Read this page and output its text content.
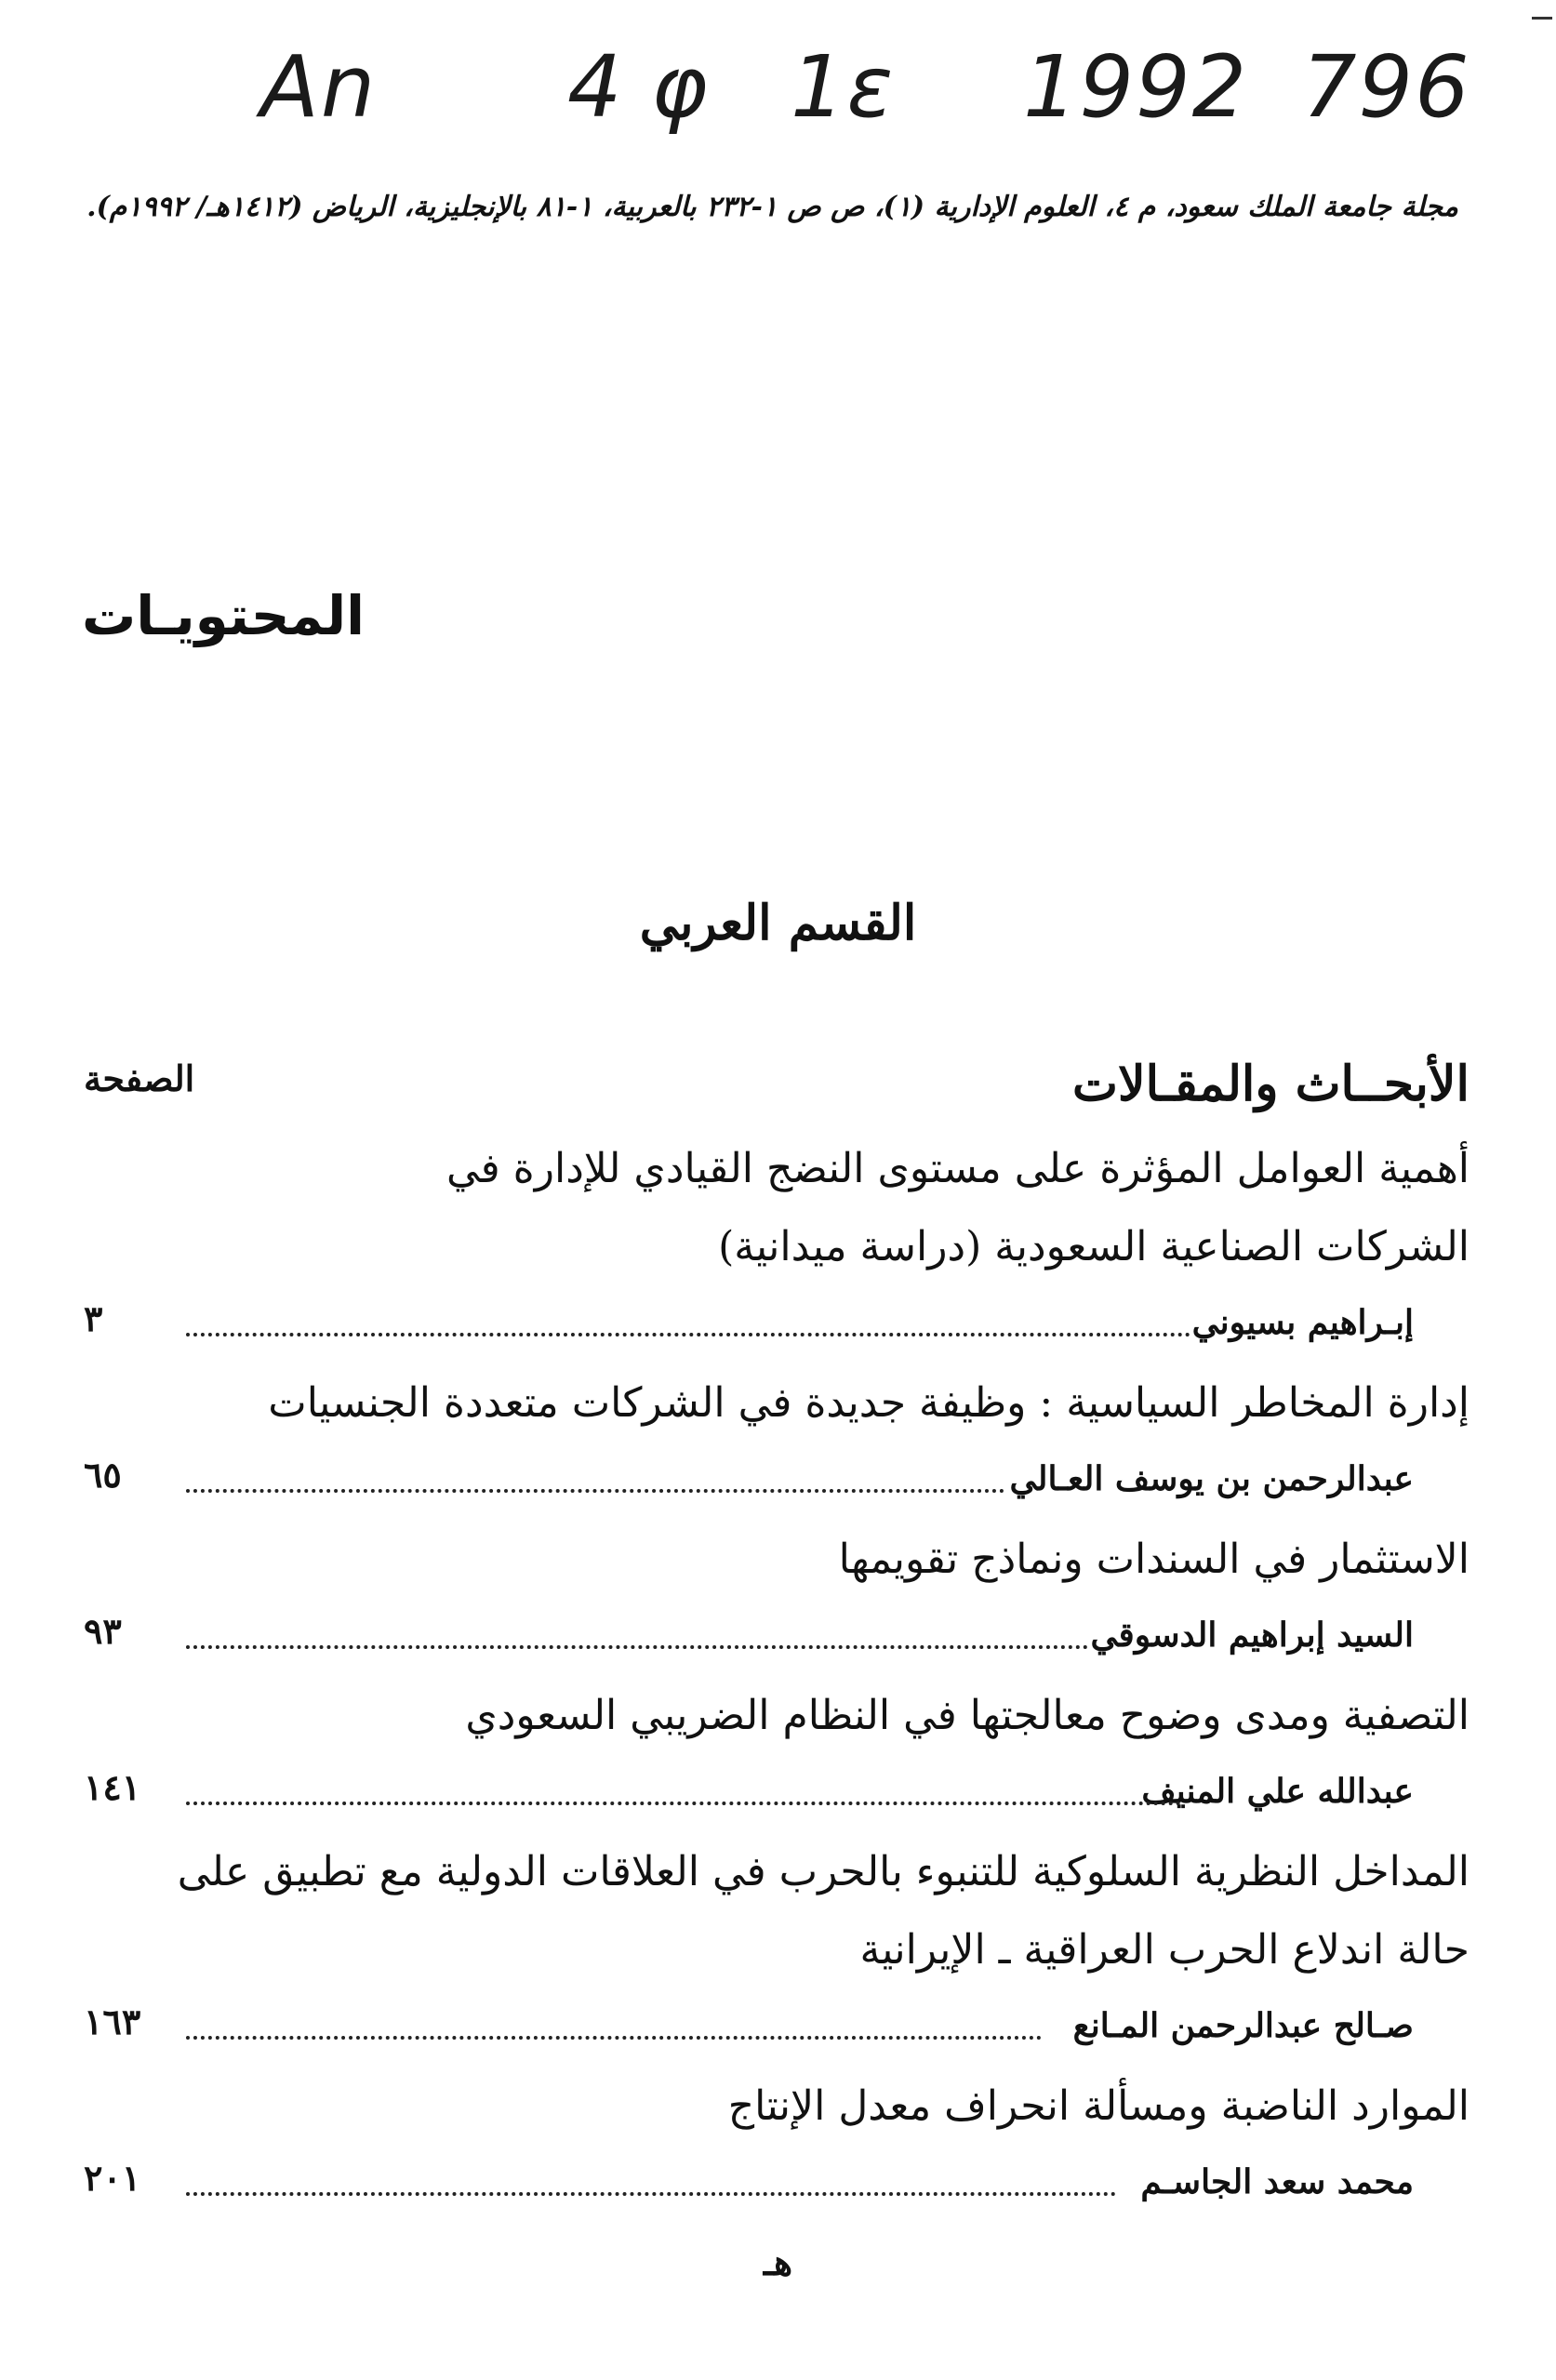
An 4 φ 1ε 1992 796
مجلة جامعة الملك سعود، م ٤، العلوم الإدارية (١)، ص ص ١-٢٣٢ بالعربية، ١-٨١ بالإنجليزية، الرياض (١٤١٢هـ/ ١٩٩٢م).
المحتويـات
القسم العربي
الأبحــاث والمقـالات
الصفحة
أهمية العوامل المؤثرة على مستوى النضج القيادي للإدارة في
الشركات الصناعية السعودية (دراسة ميدانية)
إبـراهيم بسيوني
٣
إدارة المخاطر السياسية : وظيفة جديدة في الشركات متعددة الجنسيات
عبدالرحمن بن يوسف العـالي
٦٥
الاستثمار في السندات ونماذج تقويمها
السيد إبراهيم الدسوقي
٩٣
التصفية ومدى وضوح معالجتها في النظام الضريبي السعودي
عبدالله علي المنيف
١٤١
المداخل النظرية السلوكية للتنبوء بالحرب في العلاقات الدولية مع تطبيق على
حالة اندلاع الحرب العراقية ـ الإيرانية
صـالح عبدالرحمن المـانع
١٦٣
الموارد الناضبة ومسألة انحراف معدل الإنتاج
محمد سعد الجاسـم
٢٠١
هـ
